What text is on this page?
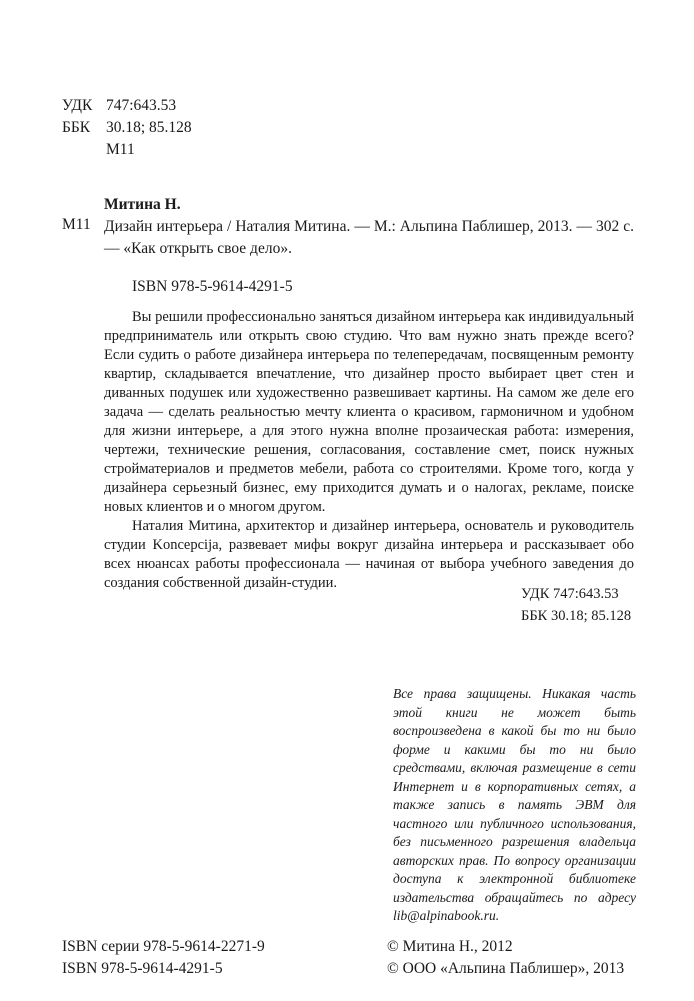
УДК 747:643.53
ББК	30.18; 85.128
М11
Митина Н.
М11 Дизайн интерьера / Наталия Митина. — М.: Альпина Паблишер, 2013. — 302 с. — «Как открыть свое дело».
ISBN 978-5-9614-4291-5

Вы решили профессионально заняться дизайном интерьера как индивидуальный предприниматель или открыть свою студию. Что вам нужно знать прежде всего? Если судить о работе дизайнера интерьера по телепередачам, посвященным ремонту квартир, складывается впечатление, что дизайнер просто выбирает цвет стен и диванных подушек или художественно развешивает картины. На самом же деле его задача — сделать реальностью мечту клиента о красивом, гармоничном и удобном для жизни интерьере, а для этого нужна вполне прозаическая работа: измерения, чертежи, технические решения, согласования, составление смет, поиск нужных стройматериалов и предметов мебели, работа со строителями. Кроме того, когда у дизайнера серьезный бизнес, ему приходится думать и о налогах, рекламе, поиске новых клиентов и о многом другом.

Наталия Митина, архитектор и дизайнер интерьера, основатель и руководитель студии Koncepcija, развевает мифы вокруг дизайна интерьера и рассказывает обо всех нюансах работы профессионала — начиная от выбора учебного заведения до создания собственной дизайн-студии.

УДК 747:643.53
ББК 30.18; 85.128
Все права защищены. Никакая часть этой книги не может быть воспроизведена в какой бы то ни было форме и какими бы то ни было средствами, включая размещение в сети Интернет и в корпоративных сетях, а также запись в память ЭВМ для частного или публичного использования, без письменного разрешения владельца авторских прав. По вопросу организации доступа к электронной библиотеке издательства обращайтесь по адресу lib@alpinabook.ru.
ISBN серии 978-5-9614-2271-9
ISBN 978-5-9614-4291-5
© Митина Н., 2012
© ООО «Альпина Паблишер», 2013
